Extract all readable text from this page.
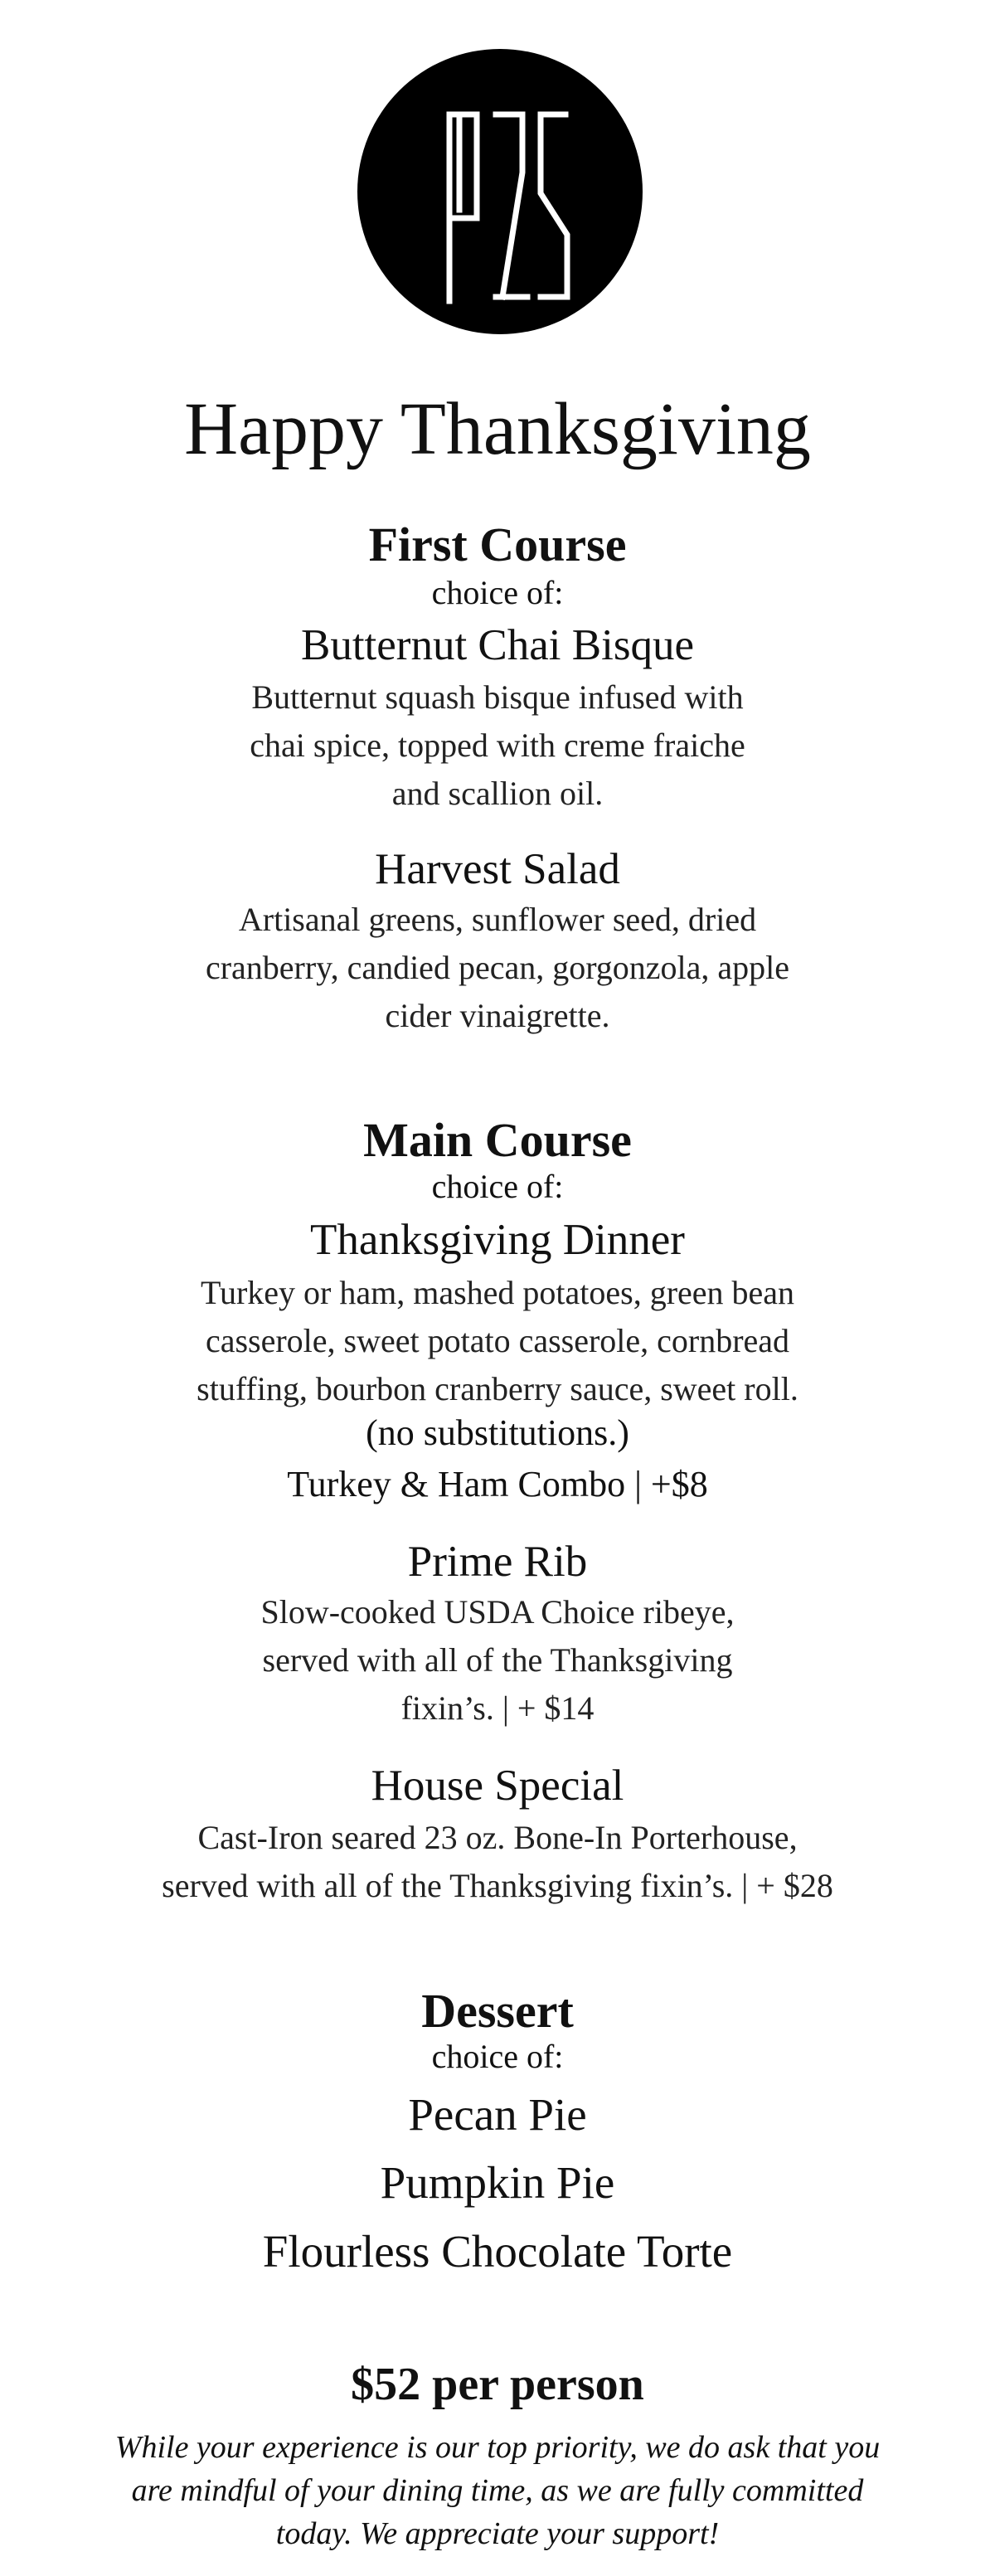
Happy Thanksgiving
First Course
choice of:
Butternut Chai Bisque
Butternut squash bisque infused with
chai spice, topped with creme fraiche
and scallion oil.
Harvest Salad
Artisanal greens, sunflower seed, dried
cranberry, candied pecan, gorgonzola, apple
cider vinaigrette.
Main Course
choice of:
Thanksgiving Dinner
Turkey or ham, mashed potatoes, green bean
casserole, sweet potato casserole, cornbread
stuffing, bourbon cranberry sauce, sweet roll.
(no substitutions.)
Turkey & Ham Combo | +$8
Prime Rib
Slow-cooked USDA Choice ribeye,
served with all of the Thanksgiving
fixin’s. | + $14
House Special
Cast-Iron seared 23 oz. Bone-In Porterhouse,
served with all of the Thanksgiving fixin’s. | + $28
Dessert
choice of:
Pecan Pie
Pumpkin Pie
Flourless Chocolate Torte
$52 per person
While your experience is our top priority, we do ask that you
are mindful of your dining time, as we are fully committed
today. We appreciate your support!
